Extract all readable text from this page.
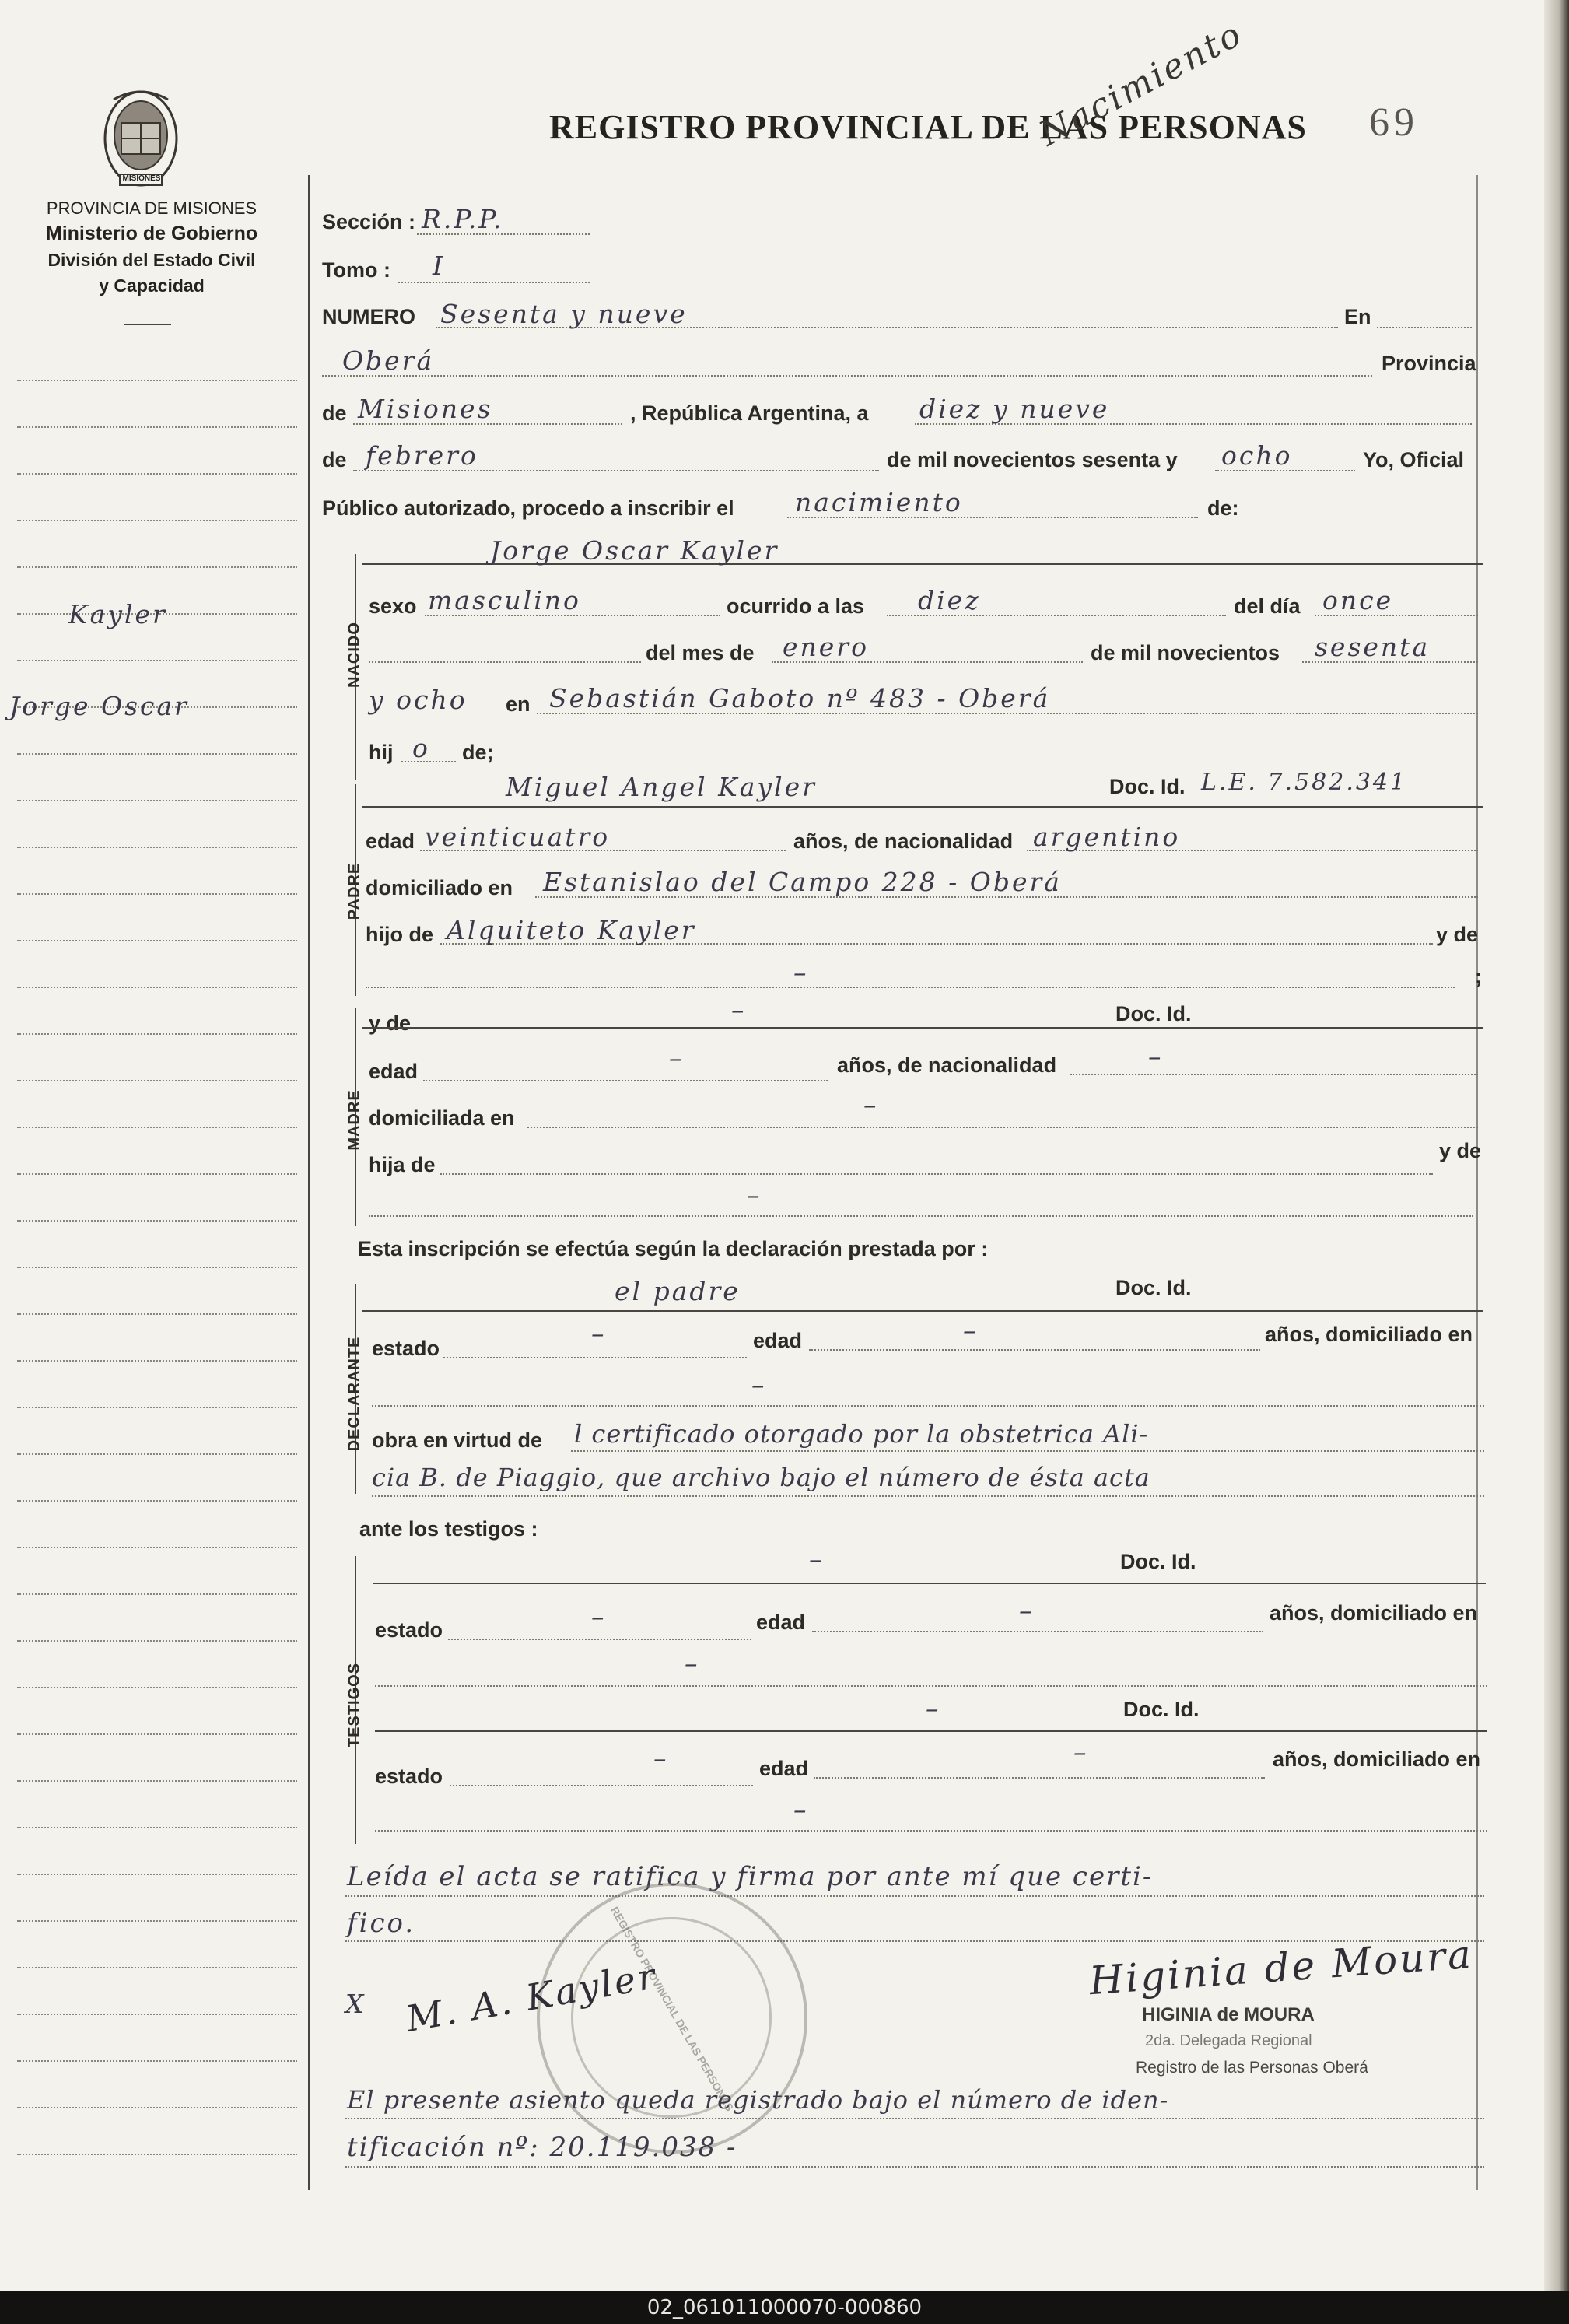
MISIONES
PROVINCIA DE MISIONES
Ministerio de Gobierno
División del Estado Civil
y Capacidad
REGISTRO PROVINCIAL DE LAS PERSONAS
Nacimiento	69
Kayler
Jorge Oscar
Sección : R.P.P.
Tomo : I
NUMERO Sesenta y nueve	En
Oberá	Provincia
de Misiones	, República Argentina, a diez y nueve
de febrero	de mil novecientos sesenta y ocho	Yo, Oficial
Público autorizado, procedo a inscribir el nacimiento	de:
NACIDO
Jorge Oscar Kayler
sexo masculino	ocurrido a las diez	del día once
del mes de enero	de mil novecientos sesenta
y ocho en Sebastián Gaboto nº 483 - Oberá
hij o de;
PADRE
Miguel Angel Kayler	Doc. Id. L.E. 7.582.341
edad veinticuatro	años, de nacionalidad argentino
domiciliado en Estanislao del Campo 228 - Oberá
hijo de Alquiteto Kayler	y de
–	;
MADRE
y de	–	Doc. Id.
edad	–	años, de nacionalidad	–
domiciliada en	–
hija de
y de
–
Esta inscripción se efectúa según la declaración prestada por :
DECLARANTE
el padre	Doc. Id.
estado	–	edad	–	años, domiciliado en
–
obra en virtud de l certificado otorgado por la obstetrica Ali-
cia B. de Piaggio, que archivo bajo el número de ésta acta
ante los testigos :
TESTIGOS
–	Doc. Id.
estado	–	edad	–	años, domiciliado en
–
–	Doc. Id.
estado
–	edad
–	años, domiciliado en
–
Leída el acta se ratifica y firma por ante mí que certi-
fico.	REGISTRO PROVINCIAL DE LAS PERSONAS
X M. A. Kayler	Higinia de Moura
HIGINIA de MOURA
2da. Delegada Regional
Registro de las Personas Oberá
El presente asiento queda registrado bajo el número de iden-
tificación nº: 20.119.038 -
02_061011000070-000860
